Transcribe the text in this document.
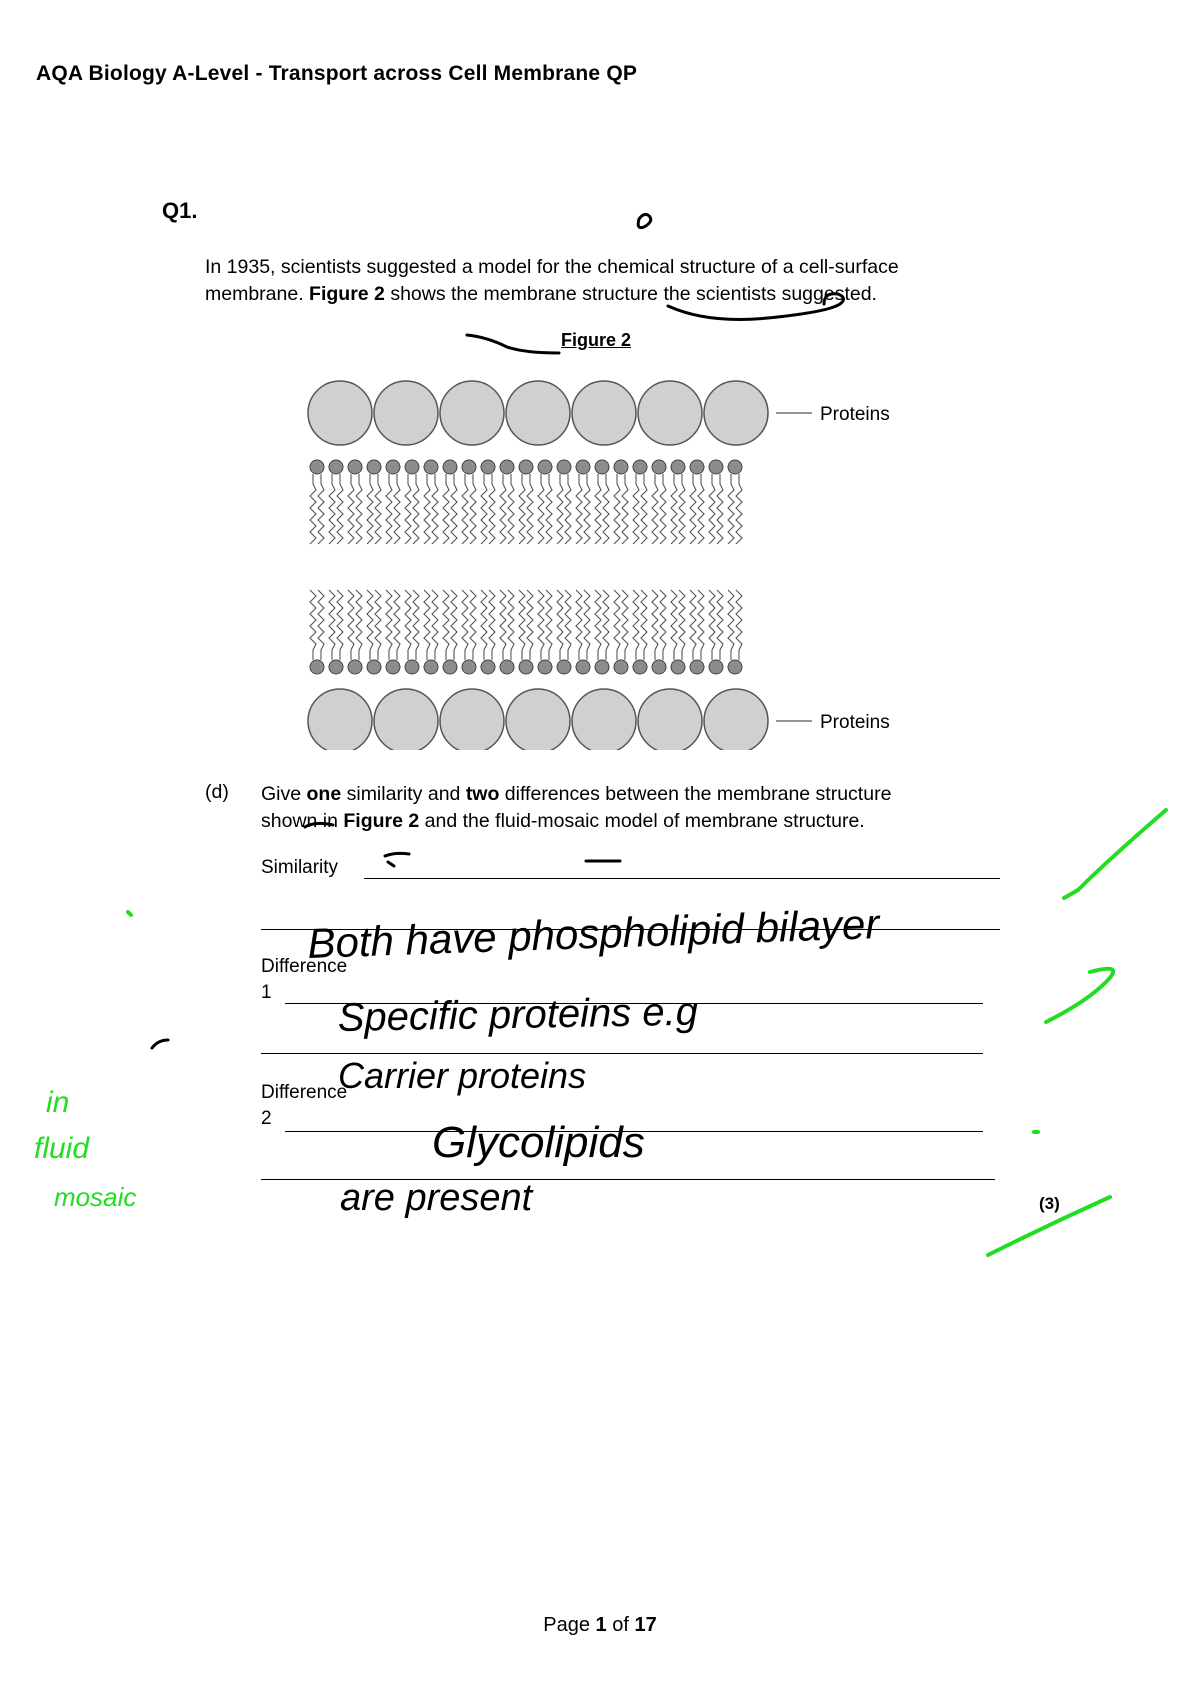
AQA Biology A-Level - Transport across Cell Membrane QP
Q1.
In 1935, scientists suggested a model for the chemical structure of a cell-surface
membrane. Figure 2 shows the membrane structure the scientists suggested.
Figure 2
Proteins
Proteins
(d) Give one similarity and two differences between the membrane structure
shown in Figure 2 and the fluid-mosaic model of membrane structure.
Similarity
Difference
1
Difference
2
(3)
Both have phospholipid bilayer
Specific proteins e.g
Carrier proteins
Glycolipids
are present
in
fluid
mosaic
Page 1 of 17
